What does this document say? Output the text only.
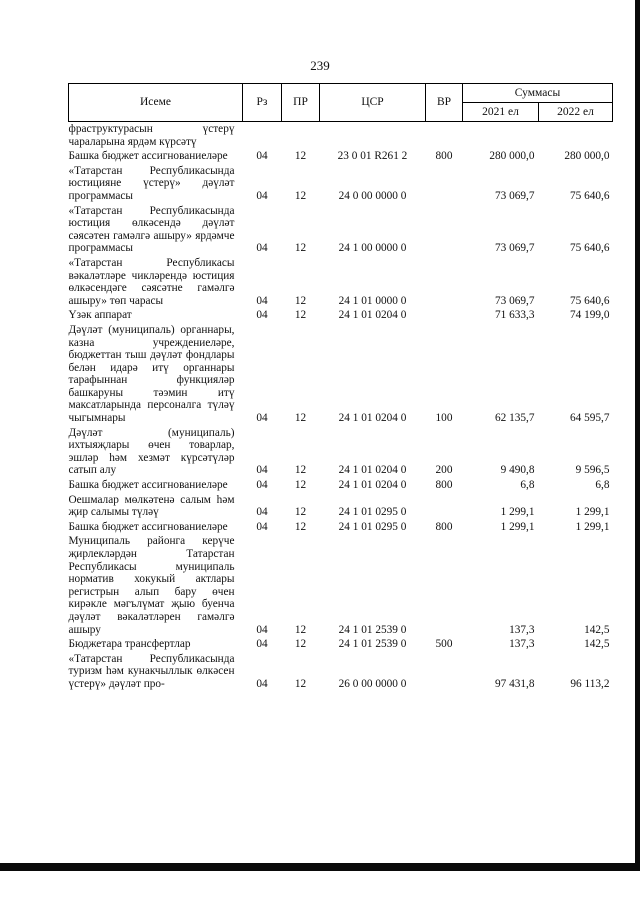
239
Исеме	Рз	ПР	ЦСР	ВР	Суммасы	
					2021 ел	2022 ел
фраструктурасын үстерү чараларына ярдәм күрсәтү						
Башка бюджет ассигнованиеләре	04	12	23 0 01 R261 2	800	280 000,0	280 000,0
«Татарстан Республикасында юстицияне үстерү» дәүләт программасы	04	12	24 0 00 0000 0		73 069,7	75 640,6
«Татарстан Республикасында юстиция өлкәсендә дәүләт сәясәтен гамәлгә ашыру» ярдәмче программасы	04	12	24 1 00 0000 0		73 069,7	75 640,6
«Татарстан Республикасы вәкаләтләре чикләрендә юстиция өлкәсендәге сәясәтне гамәлгә ашыру» төп чарасы	04	12	24 1 01 0000 0		73 069,7	75 640,6
Үзәк аппарат	04	12	24 1 01 0204 0		71 633,3	74 199,0
Дәүләт (муниципаль) органнары, казна учреждениеләре, бюджеттан тыш дәүләт фондлары белән идарә итү органнары тарафыннан функцияләр башкаруны тәэмин итү максатларында персоналга түләү чыгымнары	04	12	24 1 01 0204 0	100	62 135,7	64 595,7
Дәүләт (муниципаль) ихтыяҗлары өчен товарлар, эшләр һәм хезмәт күрсәтүләр сатып алу	04	12	24 1 01 0204 0	200	9 490,8	9 596,5
Башка бюджет ассигнованиеләре	04	12	24 1 01 0204 0	800	6,8	6,8
Оешмалар мөлкәтенә салым һәм җир салымы түләү	04	12	24 1 01 0295 0		1 299,1	1 299,1
Башка бюджет ассигнованиеләре	04	12	24 1 01 0295 0	800	1 299,1	1 299,1
Муниципаль районга керүче җирлекләрдән Татарстан Республикасы муниципаль норматив хокукый актлары регистрын алып бару өчен кирәкле мәгълүмат җыю буенча дәүләт вәкаләтләрен гамәлгә ашыру	04	12	24 1 01 2539 0		137,3	142,5
Бюджетара трансфертлар	04	12	24 1 01 2539 0	500	137,3	142,5
«Татарстан Республикасында туризм һәм кунакчыллык өлкәсен үстерү» дәүләт про-	04	12	26 0 00 0000 0		97 431,8	96 113,2
